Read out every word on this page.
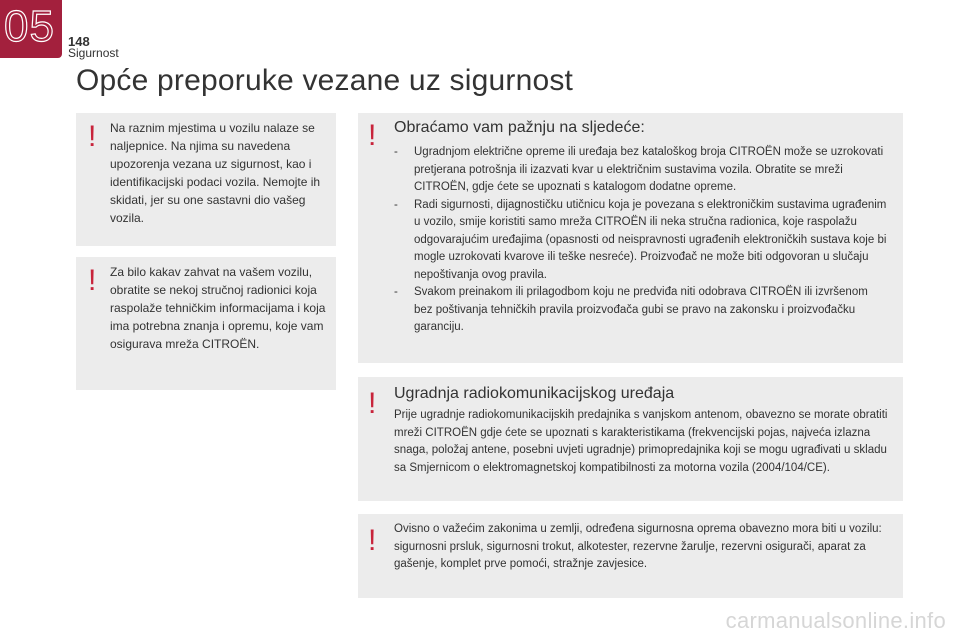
05 148
Sigurnost
Opće preporuke vezane uz sigurnost
! Na raznim mjestima u vozilu nalaze se naljepnice. Na njima su navedena upozorenja vezana uz sigurnost, kao i identifikacijski podaci vozila. Nemojte ih skidati, jer su one sastavni dio vašeg vozila.
! Za bilo kakav zahvat na vašem vozilu, obratite se nekoj stručnoj radionici koja raspolaže tehničkim informacijama i koja ima potrebna znanja i opremu, koje vam osigurava mreža CITROËN.
! Obraćamo vam pažnju na sljedeće:
- Ugradnjom električne opreme ili uređaja bez kataloškog broja CITROËN može se uzrokovati pretjerana potrošnja ili izazvati kvar u električnim sustavima vozila. Obratite se mreži CITROËN, gdje ćete se upoznati s katalogom dodatne opreme.
- Radi sigurnosti, dijagnostičku utičnicu koja je povezana s elektroničkim sustavima ugrađenim u vozilo, smije koristiti samo mreža CITROËN ili neka stručna radionica, koje raspolažu odgovarajućim uređajima (opasnosti od neispravnosti ugrađenih elektroničkih sustava koje bi mogle uzrokovati kvarove ili teške nesreće). Proizvođač ne može biti odgovoran u slučaju nepoštivanja ovog pravila.
- Svakom preinakom ili prilagodbom koju ne predviđa niti odobrava CITROËN ili izvršenom bez poštivanja tehničkih pravila proizvođača gubi se pravo na zakonsku i proizvođačku garanciju.
! Ugradnja radiokomunikacijskog uređaja
Prije ugradnje radiokomunikacijskih predajnika s vanjskom antenom, obavezno se morate obratiti mreži CITROËN gdje ćete se upoznati s karakteristikama (frekvencijski pojas, najveća izlazna snaga, položaj antene, posebni uvjeti ugradnje) primopredajnika koji se mogu ugrađivati u skladu sa Smjernicom o elektromagnetskoj kompatibilnosti za motorna vozila (2004/104/CE).
! Ovisno o važećim zakonima u zemlji, određena sigurnosna oprema obavezno mora biti u vozilu: sigurnosni prsluk, sigurnosni trokut, alkotester, rezervne žarulje, rezervni osigurači, aparat za gašenje, komplet prve pomoći, stražnje zavjesice.
carmanualsonline.info
